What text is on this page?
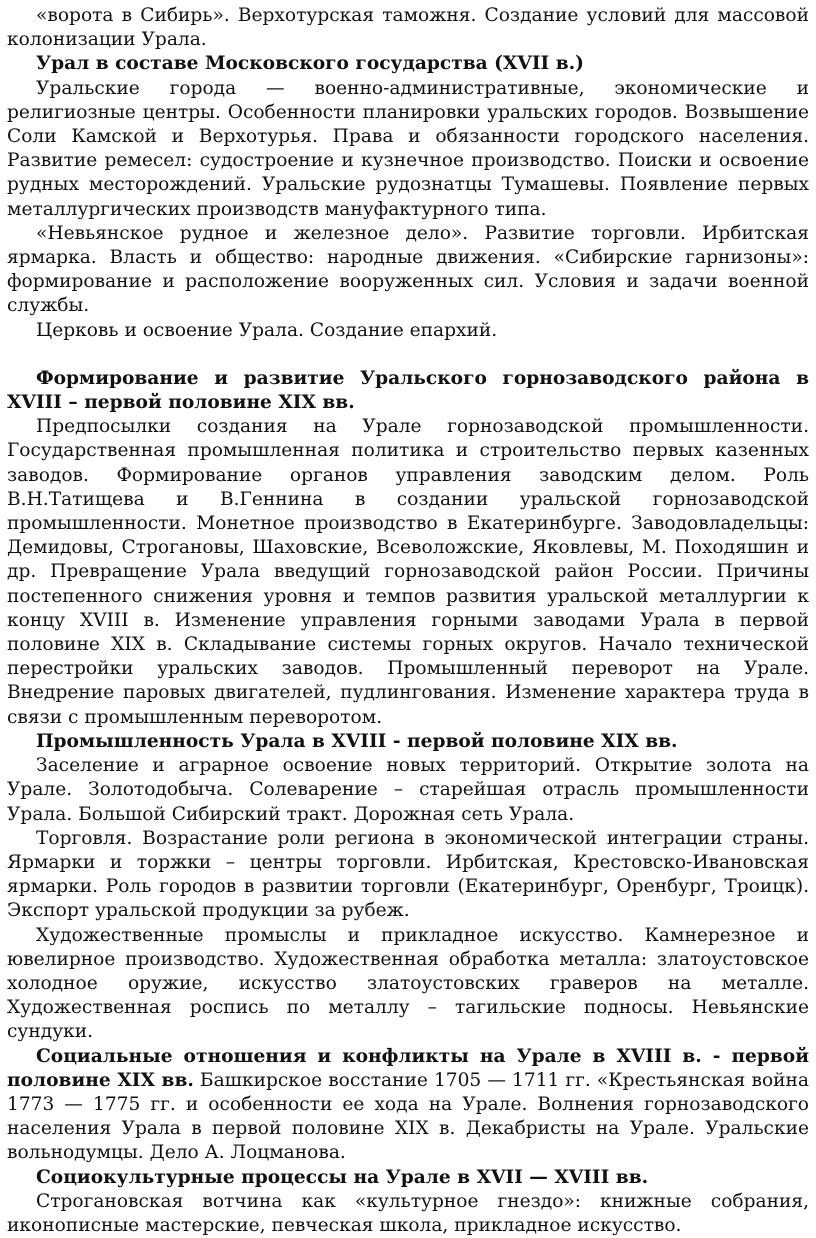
«ворота в Сибирь». Верхотурская таможня. Создание условий для массовой колонизации Урала.

Урал в составе Московского государства (XVII в.)

Уральские города — военно-административные, экономические и религиозные центры. Особенности планировки уральских городов. Возвышение Соли Камской и Верхотурья. Права и обязанности городского населения. Развитие ремесел: судостроение и кузнечное производство. Поиски и освоение рудных месторождений. Уральские рудознатцы Тумашевы. Появление первых металлургических производств мануфактурного типа.

«Невьянское рудное и железное дело». Развитие торговли. Ирбитская ярмарка. Власть и общество: народные движения. «Сибирские гарнизоны»: формирование и расположение вооруженных сил. Условия и задачи военной службы.

Церковь и освоение Урала. Создание епархий.

Формирование и развитие Уральского горнозаводского района в XVIII – первой половине XIX вв.

Предпосылки создания на Урале горнозаводской промышленности. Государственная промышленная политика и строительство первых казенных заводов. Формирование органов управления заводским делом. Роль В.Н.Татищева и В.Геннина в создании уральской горнозаводской промышленности. Монетное производство в Екатеринбурге. Заводовладельцы: Демидовы, Строгановы, Шаховские, Всеволожские, Яковлевы, М. Походяшин и др. Превращение Урала введущий горнозаводской район России. Причины постепенного снижения уровня и темпов развития уральской металлургии к концу XVIII в. Изменение управления горными заводами Урала в первой половине XIX в. Складывание системы горных округов. Начало технической перестройки уральских заводов. Промышленный переворот на Урале. Внедрение паровых двигателей, пудлингования. Изменение характера труда в связи с промышленным переворотом.

Промышленность Урала в XVIII - первой половине XIX вв.

Заселение и аграрное освоение новых территорий. Открытие золота на Урале. Золотодобыча. Солеварение – старейшая отрасль промышленности Урала. Большой Сибирский тракт. Дорожная сеть Урала.

Торговля. Возрастание роли региона в экономической интеграции страны. Ярмарки и торжки – центры торговли. Ирбитская, Крестовско-Ивановская ярмарки. Роль городов в развитии торговли (Екатеринбург, Оренбург, Троицк). Экспорт уральской продукции за рубеж.

Художественные промыслы и прикладное искусство. Камнерезное и ювелирное производство. Художественная обработка металла: златоустовское холодное оружие, искусство златоустовских граверов на металле. Художественная роспись по металлу – тагильские подносы. Невьянские сундуки.

Социальные отношения и конфликты на Урале в XVIII в. - первой половине XIX вв. Башкирское восстание 1705 — 1711 гг. «Крестьянская война 1773 — 1775 гг. и особенности ее хода на Урале. Волнения горнозаводского населения Урала в первой половине XIX в. Декабристы на Урале. Уральские вольнодумцы. Дело А. Лоцманова.

Социокультурные процессы на Урале в XVII — XVIII вв.

Строгановская вотчина как «культурное гнездо»: книжные собрания, иконописные мастерские, певческая школа, прикладное искусство.
